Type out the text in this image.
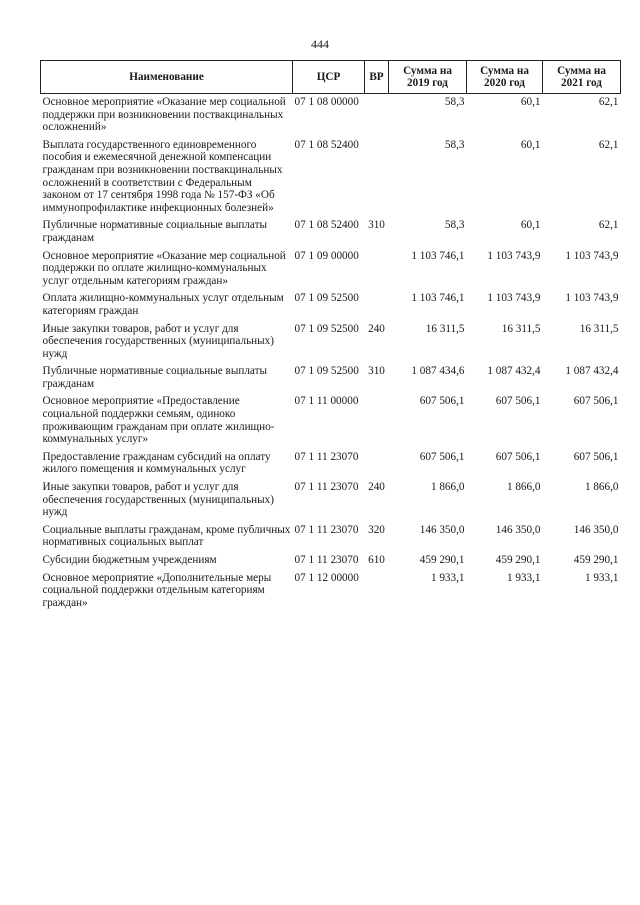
444
Наименование	ЦСР	ВР	Сумма на 2019 год	Сумма на 2020 год	Сумма на 2021 год
Основное мероприятие «Оказание мер социальной поддержки при возникновении поствакцинальных осложнений»	07 1 08 00000		58,3	60,1	62,1
Выплата государственного единовременного пособия и ежемесячной денежной компенсации гражданам при возникновении поствакцинальных осложнений в соответствии с Федеральным законом от 17 сентября 1998 года № 157-ФЗ «Об иммунопрофилактике инфекционных болезней»	07 1 08 52400		58,3	60,1	62,1
Публичные нормативные социальные выплаты гражданам	07 1 08 52400	310	58,3	60,1	62,1
Основное мероприятие «Оказание мер социальной поддержки по оплате жилищно-коммунальных услуг отдельным категориям граждан»	07 1 09 00000		1 103 746,1	1 103 743,9	1 103 743,9
Оплата жилищно-коммунальных услуг отдельным категориям граждан	07 1 09 52500		1 103 746,1	1 103 743,9	1 103 743,9
Иные закупки товаров, работ и услуг для обеспечения государственных (муниципальных) нужд	07 1 09 52500	240	16 311,5	16 311,5	16 311,5
Публичные нормативные социальные выплаты гражданам	07 1 09 52500	310	1 087 434,6	1 087 432,4	1 087 432,4
Основное мероприятие «Предоставление социальной поддержки семьям, одиноко проживающим гражданам при оплате жилищно-коммунальных услуг»	07 1 11 00000		607 506,1	607 506,1	607 506,1
Предоставление гражданам субсидий на оплату жилого помещения и коммунальных услуг	07 1 11 23070		607 506,1	607 506,1	607 506,1
Иные закупки товаров, работ и услуг для обеспечения государственных (муниципальных) нужд	07 1 11 23070	240	1 866,0	1 866,0	1 866,0
Социальные выплаты гражданам, кроме публичных нормативных социальных выплат	07 1 11 23070	320	146 350,0	146 350,0	146 350,0
Субсидии бюджетным учреждениям	07 1 11 23070	610	459 290,1	459 290,1	459 290,1
Основное мероприятие «Дополнительные меры социальной поддержки отдельным категориям граждан»	07 1 12 00000		1 933,1	1 933,1	1 933,1
